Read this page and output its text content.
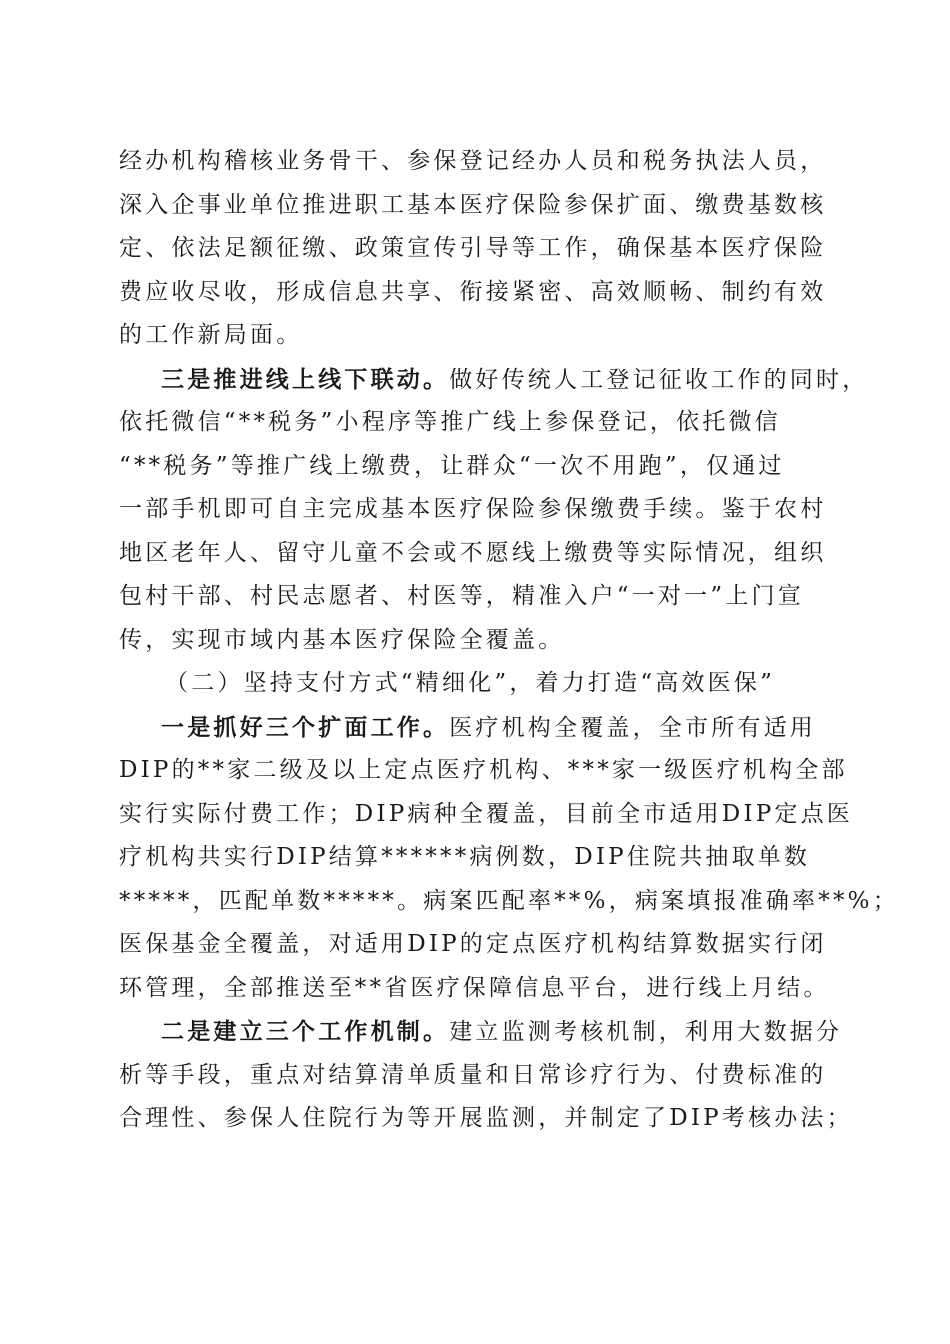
经办机构稽核业务骨干、参保登记经办人员和税务执法人员，
深入企事业单位推进职工基本医疗保险参保扩面、缴费基数核
定、依法足额征缴、政策宣传引导等工作，确保基本医疗保险
费应收尽收，形成信息共享、衔接紧密、高效顺畅、制约有效
的工作新局面。
三是推进线上线下联动。做好传统人工登记征收工作的同时，
依托微信“**税务”小程序等推广线上参保登记，依托微信
“**税务”等推广线上缴费，让群众“一次不用跑”，仅通过
一部手机即可自主完成基本医疗保险参保缴费手续。鉴于农村
地区老年人、留守儿童不会或不愿线上缴费等实际情况，组织
包村干部、村民志愿者、村医等，精准入户“一对一”上门宣
传，实现市域内基本医疗保险全覆盖。
（二）坚持支付方式“精细化”，着力打造“高效医保”
一是抓好三个扩面工作。医疗机构全覆盖，全市所有适用
DIP的**家二级及以上定点医疗机构、***家一级医疗机构全部
实行实际付费工作；DIP病种全覆盖，目前全市适用DIP定点医
疗机构共实行DIP结算******病例数，DIP住院共抽取单数
*****，匹配单数*****。病案匹配率**%，病案填报准确率**%；
医保基金全覆盖，对适用DIP的定点医疗机构结算数据实行闭
环管理，全部推送至**省医疗保障信息平台，进行线上月结。
二是建立三个工作机制。建立监测考核机制，利用大数据分
析等手段，重点对结算清单质量和日常诊疗行为、付费标准的
合理性、参保人住院行为等开展监测，并制定了DIP考核办法；
